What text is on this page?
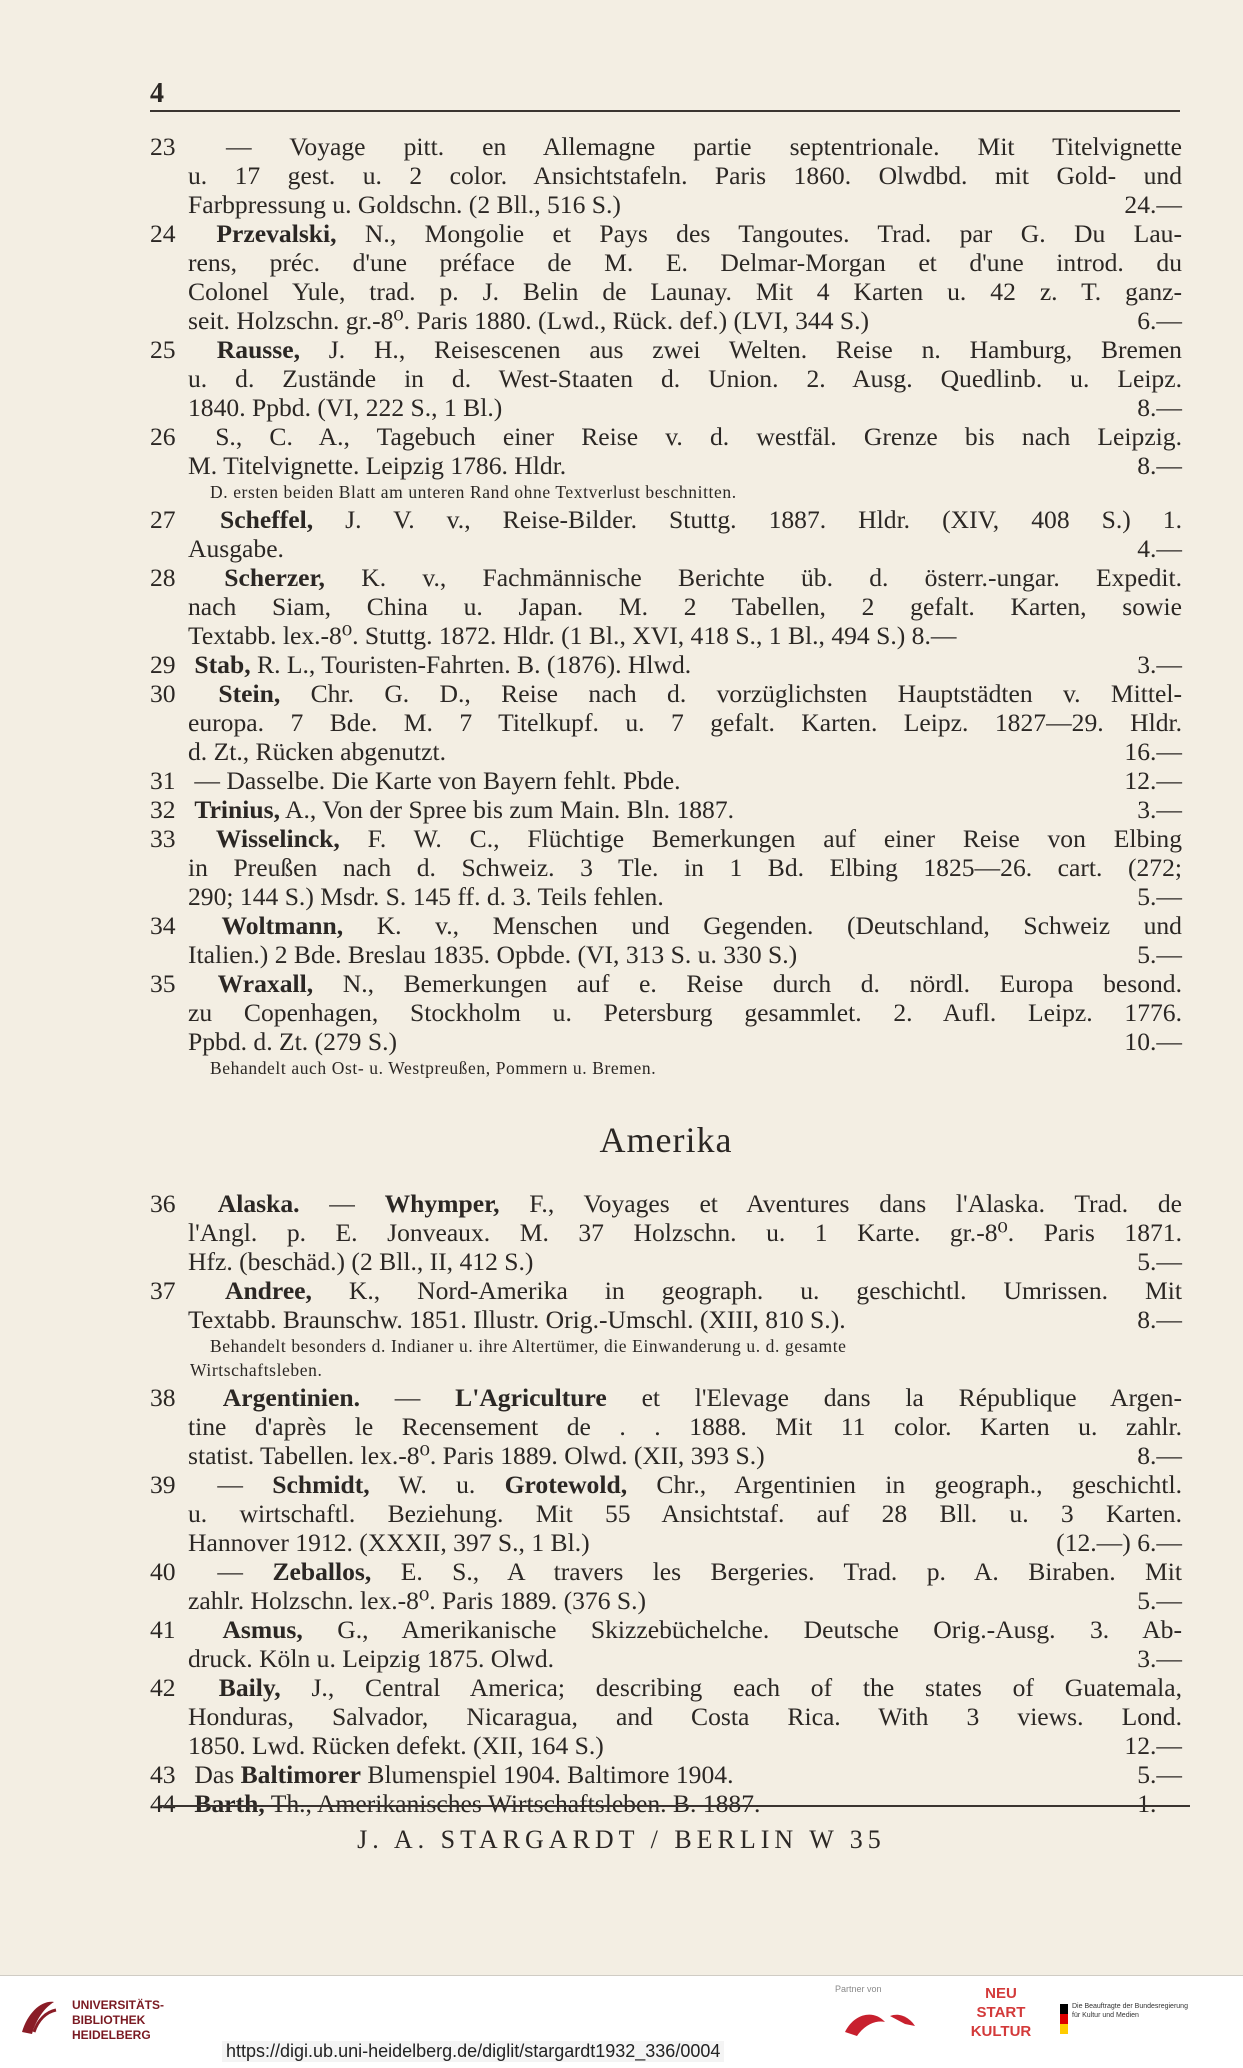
4
23 — Voyage pitt. en Allemagne partie septentrionale. Mit Titelvignette
u. 17 gest. u. 2 color. Ansichtstafeln. Paris 1860. Olwdbd. mit Gold- und
Farbpressung u. Goldschn. (2 Bll., 516 S.)	24.—
24 Przevalski, N., Mongolie et Pays des Tangoutes. Trad. par G. Du Lau-
rens, préc. d'une préface de M. E. Delmar-Morgan et d'une introd. du
Colonel Yule, trad. p. J. Belin de Launay. Mit 4 Karten u. 42 z. T. ganz-
seit. Holzschn. gr.-8⁰. Paris 1880. (Lwd., Rück. def.) (LVI, 344 S.)	6.—
25 Rausse, J. H., Reisescenen aus zwei Welten. Reise n. Hamburg, Bremen
u. d. Zustände in d. West-Staaten d. Union. 2. Ausg. Quedlinb. u. Leipz.
1840. Ppbd. (VI, 222 S., 1 Bl.)	8.—
26 S., C. A., Tagebuch einer Reise v. d. westfäl. Grenze bis nach Leipzig.
M. Titelvignette. Leipzig 1786. Hldr.	8.—
D. ersten beiden Blatt am unteren Rand ohne Textverlust beschnitten.
27 Scheffel, J. V. v., Reise-Bilder. Stuttg. 1887. Hldr. (XIV, 408 S.) 1.
Ausgabe.	4.—
28 Scherzer, K. v., Fachmännische Berichte üb. d. österr.-ungar. Expedit.
nach Siam, China u. Japan. M. 2 Tabellen, 2 gefalt. Karten, sowie
Textabb. lex.-8⁰. Stuttg. 1872. Hldr. (1 Bl., XVI, 418 S., 1 Bl., 494 S.) 8.—
29 Stab, R. L., Touristen-Fahrten. B. (1876). Hlwd.	3.—
30 Stein, Chr. G. D., Reise nach d. vorzüglichsten Hauptstädten v. Mittel-
europa. 7 Bde. M. 7 Titelkupf. u. 7 gefalt. Karten. Leipz. 1827—29. Hldr.
d. Zt., Rücken abgenutzt.	16.—
31 — Dasselbe. Die Karte von Bayern fehlt. Pbde.	12.—
32 Trinius, A., Von der Spree bis zum Main. Bln. 1887.	3.—
33 Wisselinck, F. W. C., Flüchtige Bemerkungen auf einer Reise von Elbing
in Preußen nach d. Schweiz. 3 Tle. in 1 Bd. Elbing 1825—26. cart. (272;
290; 144 S.) Msdr. S. 145 ff. d. 3. Teils fehlen.	5.—
34 Woltmann, K. v., Menschen und Gegenden. (Deutschland, Schweiz und
Italien.) 2 Bde. Breslau 1835. Opbde. (VI, 313 S. u. 330 S.)	5.—
35 Wraxall, N., Bemerkungen auf e. Reise durch d. nördl. Europa besond.
zu Copenhagen, Stockholm u. Petersburg gesammlet. 2. Aufl. Leipz. 1776.
Ppbd. d. Zt. (279 S.)	10.—
Behandelt auch Ost- u. Westpreußen, Pommern u. Bremen.
Amerika
36 Alaska. — Whymper, F., Voyages et Aventures dans l'Alaska. Trad. de
l'Angl. p. E. Jonveaux. M. 37 Holzschn. u. 1 Karte. gr.-8⁰. Paris 1871.
Hfz. (beschäd.) (2 Bll., II, 412 S.)	5.—
37 Andree, K., Nord-Amerika in geograph. u. geschichtl. Umrissen. Mit
Textabb. Braunschw. 1851. Illustr. Orig.-Umschl. (XIII, 810 S.).	8.—
Behandelt besonders d. Indianer u. ihre Altertümer, die Einwanderung u. d. gesamte
Wirtschaftsleben.
38 Argentinien. — L'Agriculture et l'Elevage dans la République Argen-
tine d'après le Recensement de . . 1888. Mit 11 color. Karten u. zahlr.
statist. Tabellen. lex.-8⁰. Paris 1889. Olwd. (XII, 393 S.)	8.—
39 — Schmidt, W. u. Grotewold, Chr., Argentinien in geograph., geschichtl.
u. wirtschaftl. Beziehung. Mit 55 Ansichtstaf. auf 28 Bll. u. 3 Karten.
Hannover 1912. (XXXII, 397 S., 1 Bl.)	(12.—) 6.—
40 — Zeballos, E. S., A travers les Bergeries. Trad. p. A. Biraben. Mit
zahlr. Holzschn. lex.-8⁰. Paris 1889. (376 S.)	5.—
41 Asmus, G., Amerikanische Skizzebüchelche. Deutsche Orig.-Ausg. 3. Ab-
druck. Köln u. Leipzig 1875. Olwd.	3.—
42 Baily, J., Central America; describing each of the states of Guatemala,
Honduras, Salvador, Nicaragua, and Costa Rica. With 3 views. Lond.
1850. Lwd. Rücken defekt. (XII, 164 S.)	12.—
43 Das Baltimorer Blumenspiel 1904. Baltimore 1904.	5.—
44 Barth, Th., Amerikanisches Wirtschaftsleben. B. 1887.	1.—
J. A. STARGARDT / BERLIN W 35
UNIVERSITÄTS-
BIBLIOTHEK
HEIDELBERG
Partner von	NEU
START
KULTUR
Die Beauftragte der Bundesregierung
für Kultur und Medien
https://digi.ub.uni-heidelberg.de/diglit/stargardt1932_336/0004
